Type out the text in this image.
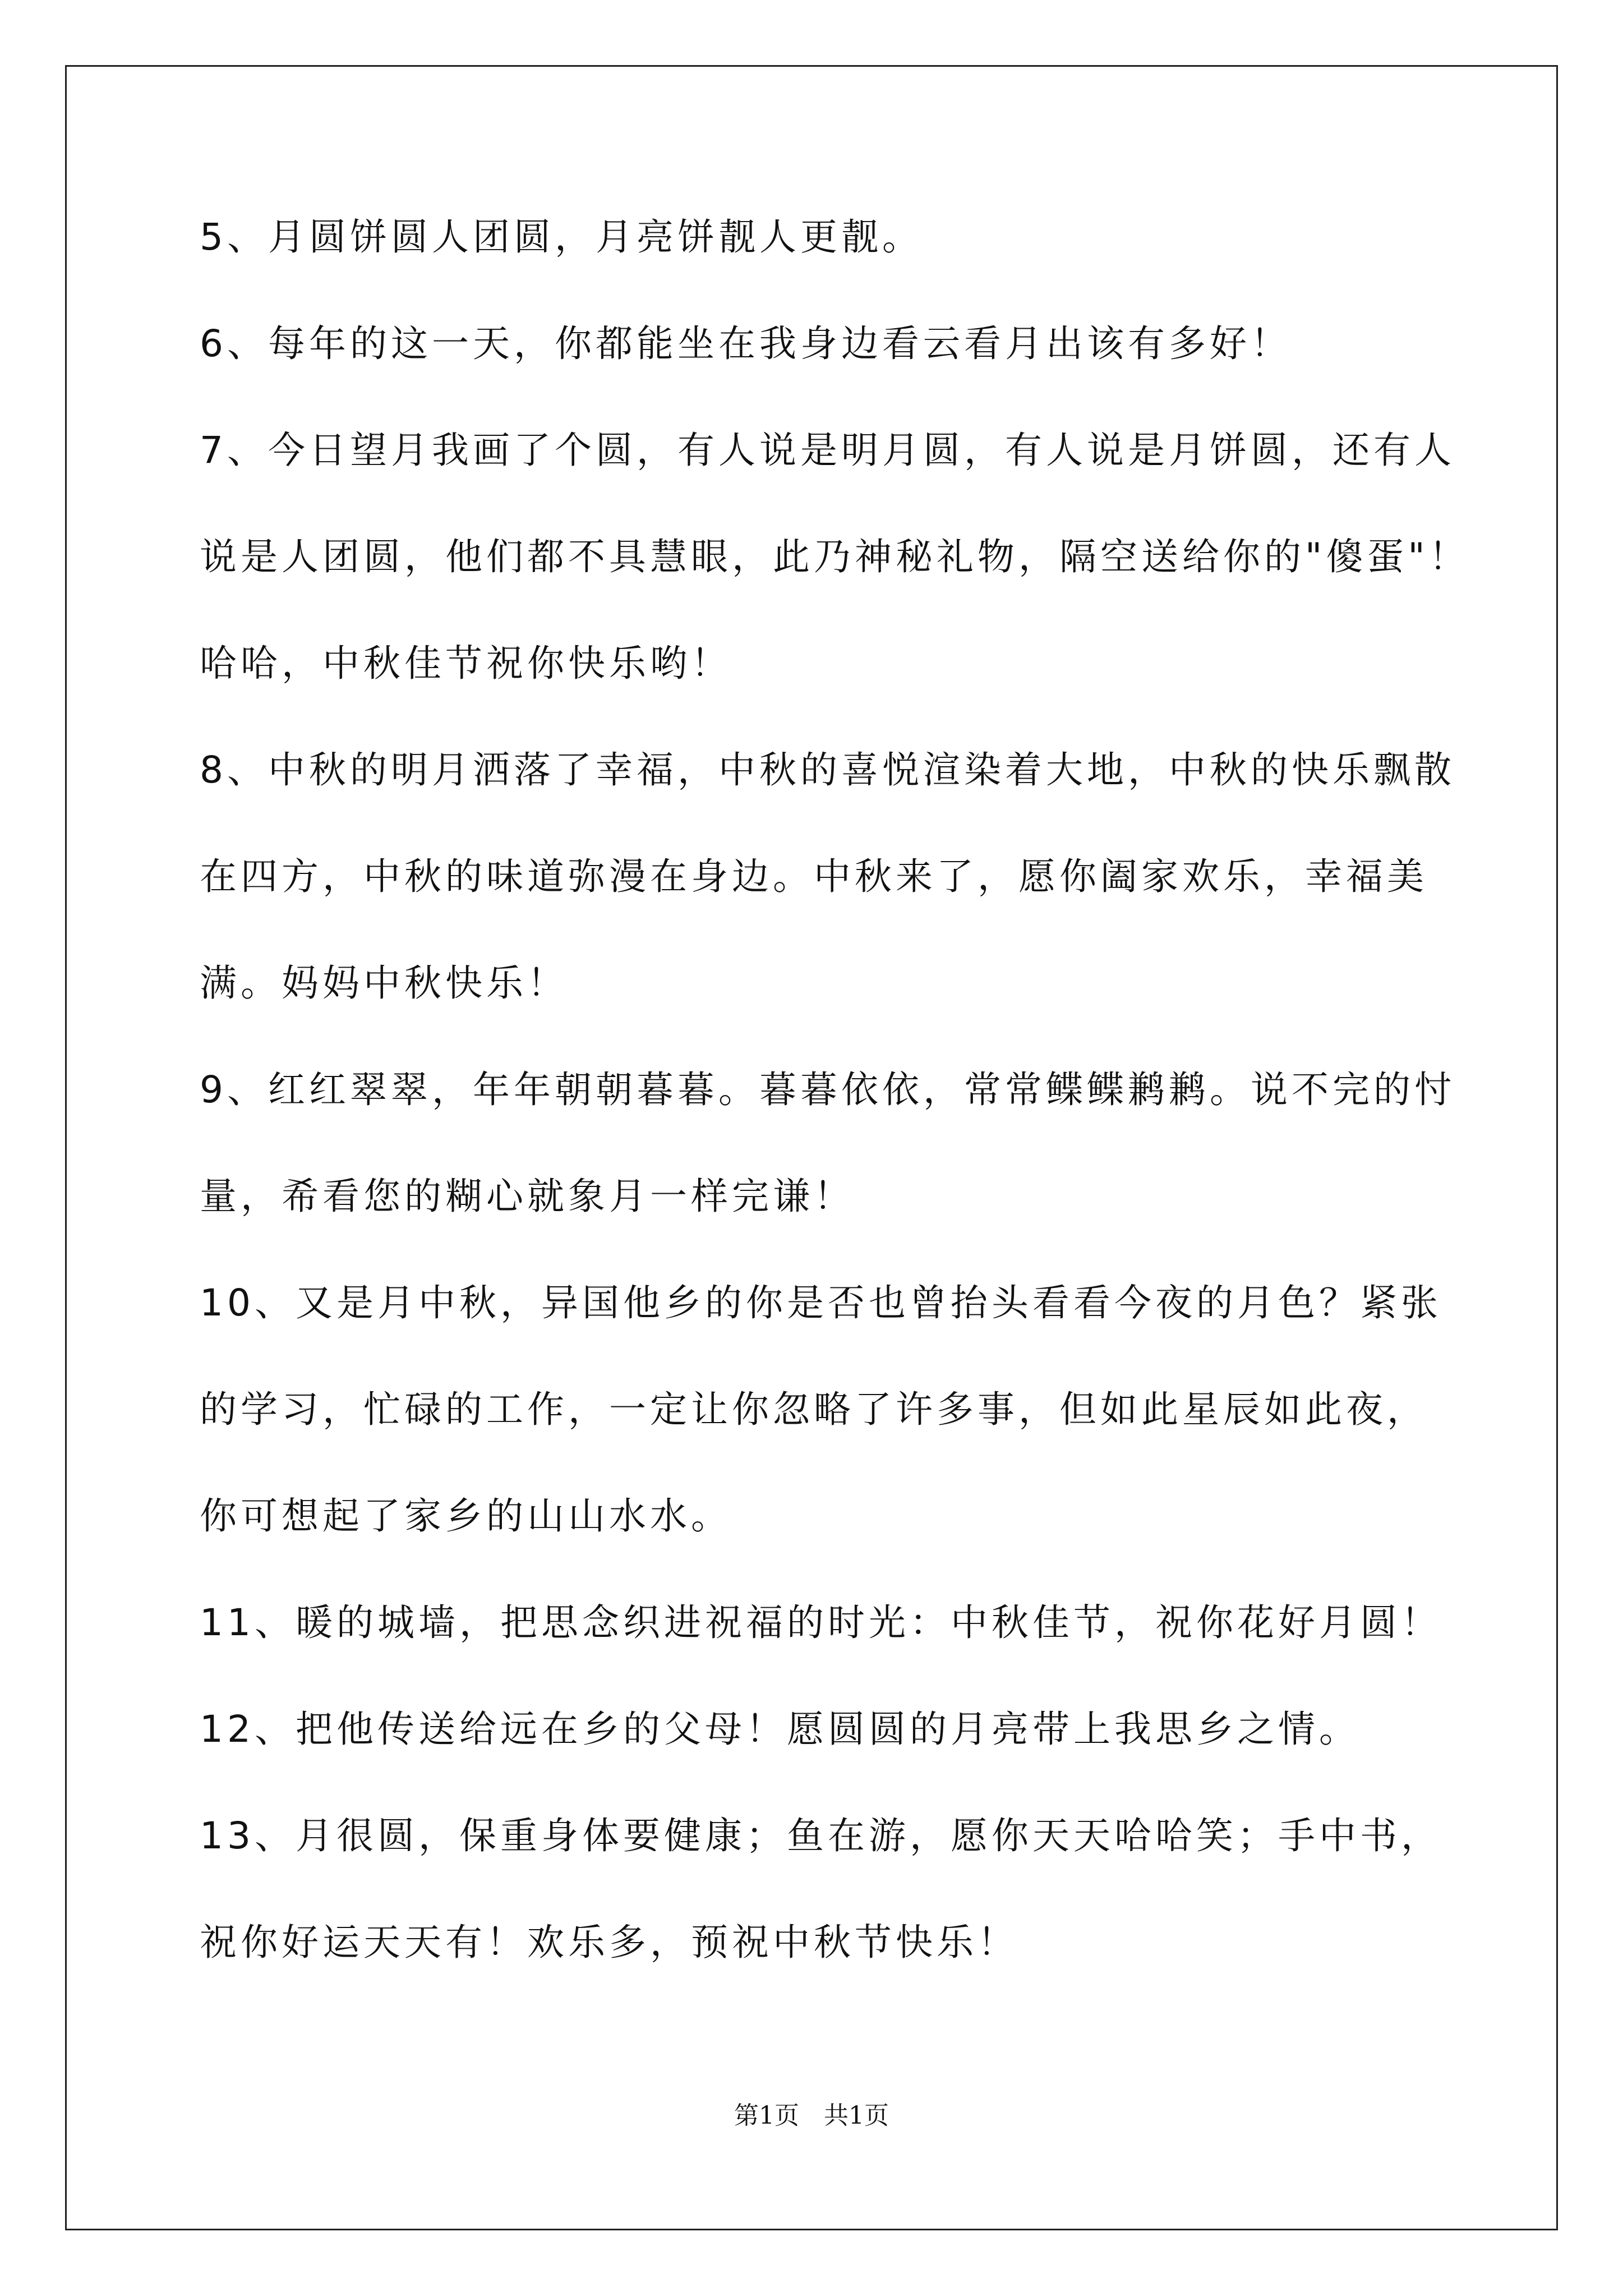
5、月圆饼圆人团圆，月亮饼靓人更靓。
6、每年的这一天，你都能坐在我身边看云看月出该有多好！
7、今日望月我画了个圆，有人说是明月圆，有人说是月饼圆，还有人
说是人团圆，他们都不具慧眼，此乃神秘礼物，隔空送给你的"傻蛋"！
哈哈，中秋佳节祝你快乐哟！
8、中秋的明月洒落了幸福，中秋的喜悦渲染着大地，中秋的快乐飘散
在四方，中秋的味道弥漫在身边。中秋来了，愿你阖家欢乐，幸福美
满。妈妈中秋快乐！
9、红红翠翠，年年朝朝暮暮。暮暮依依，常常鲽鲽鹣鹣。说不完的忖
量，希看您的糊心就象月一样完谦！
10、又是月中秋，异国他乡的你是否也曾抬头看看今夜的月色？紧张
的学习，忙碌的工作，一定让你忽略了许多事，但如此星辰如此夜，
你可想起了家乡的山山水水。
11、暖的城墙，把思念织进祝福的时光：中秋佳节，祝你花好月圆！
12、把他传送给远在乡的父母！愿圆圆的月亮带上我思乡之情。
13、月很圆，保重身体要健康；鱼在游，愿你天天哈哈笑；手中书，
祝你好运天天有！欢乐多，预祝中秋节快乐！
第1页　共1页
